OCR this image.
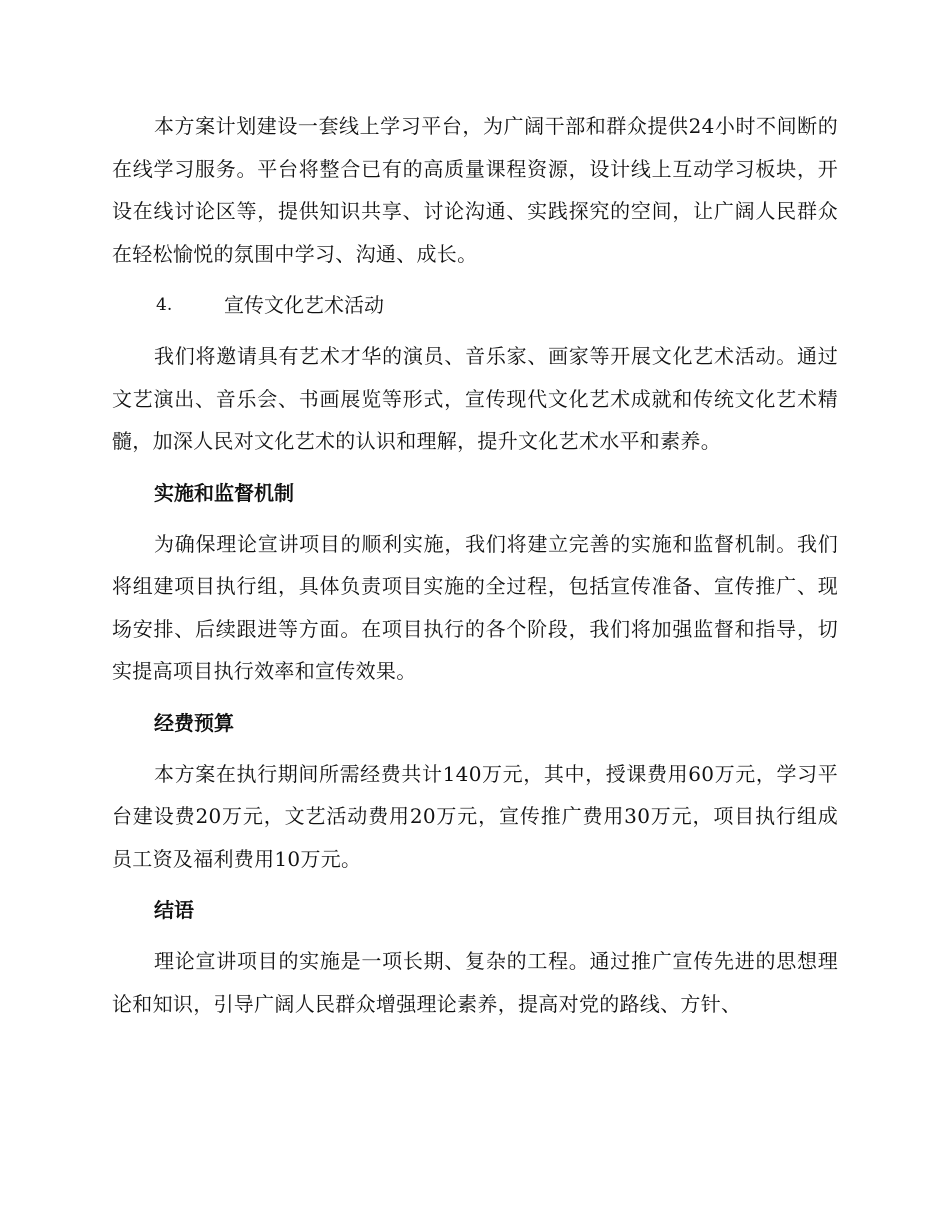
本方案计划建设一套线上学习平台，为广阔干部和群众提供24小时不间断的在线学习服务。平台将整合已有的高质量课程资源，设计线上互动学习板块，开设在线讨论区等，提供知识共享、讨论沟通、实践探究的空间，让广阔人民群众在轻松愉悦的氛围中学习、沟通、成长。

4.	宣传文化艺术活动

我们将邀请具有艺术才华的演员、音乐家、画家等开展文化艺术活动。通过文艺演出、音乐会、书画展览等形式，宣传现代文化艺术成就和传统文化艺术精髓，加深人民对文化艺术的认识和理解，提升文化艺术水平和素养。

实施和监督机制

为确保理论宣讲项目的顺利实施，我们将建立完善的实施和监督机制。我们将组建项目执行组，具体负责项目实施的全过程，包括宣传准备、宣传推广、现场安排、后续跟进等方面。在项目执行的各个阶段，我们将加强监督和指导，切实提高项目执行效率和宣传效果。

经费预算

本方案在执行期间所需经费共计140万元，其中，授课费用60万元，学习平台建设费20万元，文艺活动费用20万元，宣传推广费用30万元，项目执行组成员工资及福利费用10万元。

结语

理论宣讲项目的实施是一项长期、复杂的工程。通过推广宣传先进的思想理论和知识，引导广阔人民群众增强理论素养，提高对党的路线、方针、
